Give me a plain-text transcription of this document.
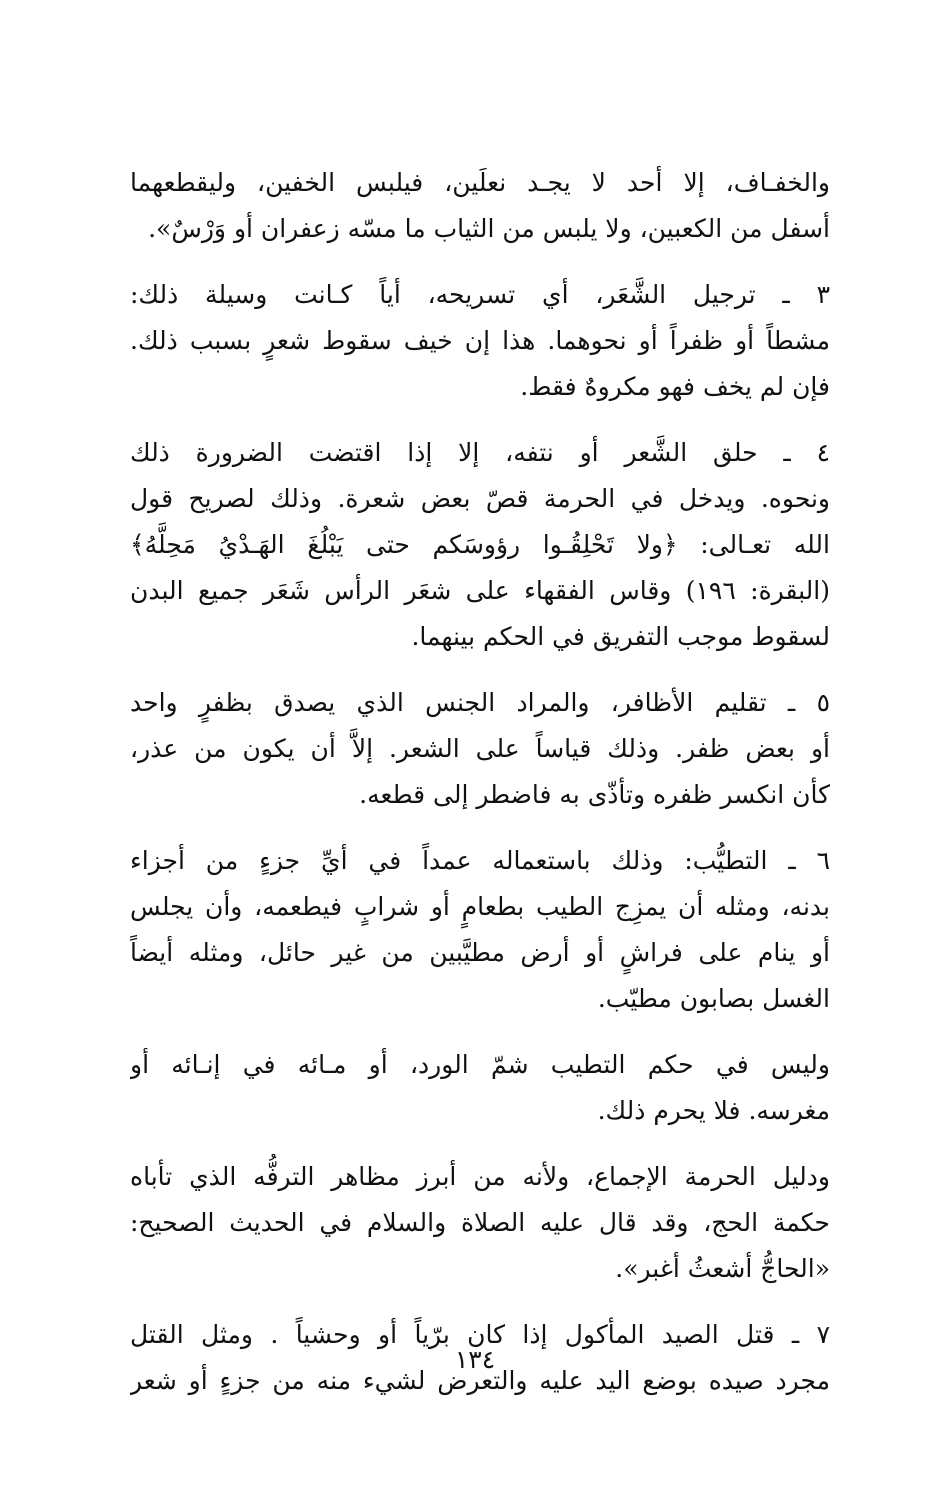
والخفـاف، إلا أحد لا يجـد نعلَين، فيلبس الخفين، وليقطعهما
أسفل من الكعبين، ولا يلبس من الثياب ما مسّه زعفران أو وَرْسٌ».
٣ ـ ترجيل الشَّعَر، أي تسريحه، أياً كـانت وسيلة ذلك:
مشطاً أو ظفراً أو نحوهما. هذا إن خيف سقوط شعرٍ بسبب ذلك.
فإن لم يخف فهو مكروهٌ فقط.
٤ ـ حلق الشَّعر أو نتفه، إلا إذا اقتضت الضرورة ذلك
ونحوه. ويدخل في الحرمة قصّ بعض شعرة. وذلك لصريح قول
الله تعـالى: ﴿ولا تَحْلِقُـوا رؤوسَكم حتى يَبْلُغَ الهَـدْيُ مَحِلَّهُ﴾
(البقرة: ١٩٦) وقاس الفقهاء على شعَر الرأس شَعَر جميع البدن
لسقوط موجب التفريق في الحكم بينهما.
٥ ـ تقليم الأظافر، والمراد الجنس الذي يصدق بظفرٍ واحد
أو بعض ظفر. وذلك قياساً على الشعر. إلاَّ أن يكون من عذر،
كأن انكسر ظفره وتأذّى به فاضطر إلى قطعه.
٦ ـ التطيُّب: وذلك باستعماله عمداً في أيِّ جزءٍ من أجزاء
بدنه، ومثله أن يمزِج الطيب بطعامٍ أو شرابٍ فيطعمه، وأن يجلس
أو ينام على فراشٍ أو أرض مطيَّبين من غير حائل، ومثله أيضاً
الغسل بصابون مطيّب.
وليس في حكم التطيب شمّ الورد، أو مـائه في إنـائه أو
مغرسه. فلا يحرم ذلك.
ودليل الحرمة الإجماع، ولأنه من أبرز مظاهر الترفُّه الذي تأباه
حكمة الحج، وقد قال عليه الصلاة والسلام في الحديث الصحيح:
«الحاجُّ أشعثُ أغبر».
٧ ـ قتل الصيد المأكول إذا كان برّياً أو وحشياً . ومثل القتل
مجرد صيده بوضع اليد عليه والتعرض لشيء منه من جزءٍ أو شعر
١٣٤
